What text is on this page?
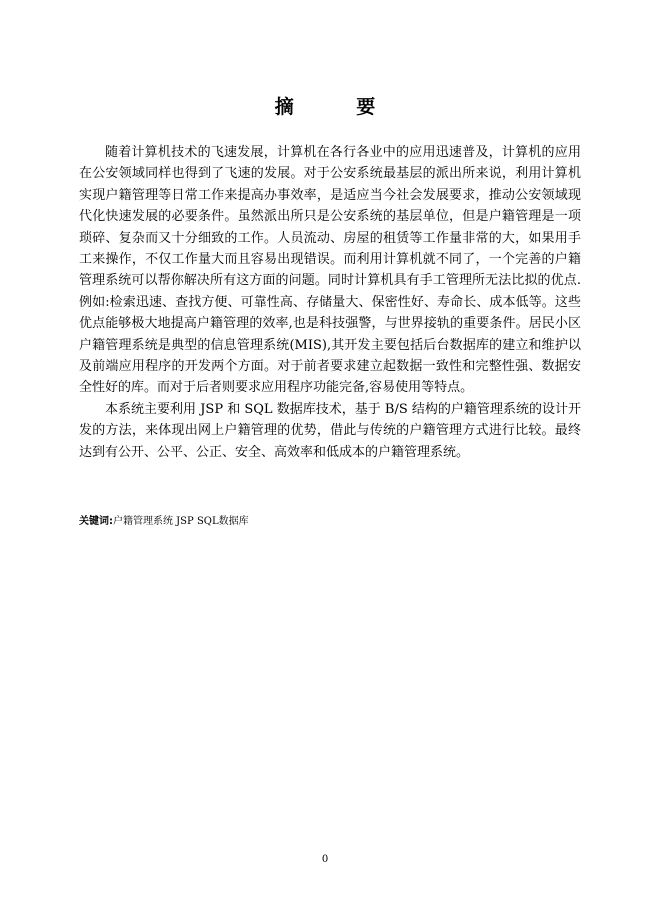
摘 要

随着计算机技术的飞速发展，计算机在各行各业中的应用迅速普及，计算机的应用在公安领域同样也得到了飞速的发展。对于公安系统最基层的派出所来说，利用计算机实现户籍管理等日常工作来提高办事效率，是适应当今社会发展要求，推动公安领域现代化快速发展的必要条件。虽然派出所只是公安系统的基层单位，但是户籍管理是一项琐碎、复杂而又十分细致的工作。人员流动、房屋的租赁等工作量非常的大，如果用手工来操作，不仅工作量大而且容易出现错误。而利用计算机就不同了，一个完善的户籍管理系统可以帮你解决所有这方面的问题。同时计算机具有手工管理所无法比拟的优点.例如:检索迅速、查找方便、可靠性高、存储量大、保密性好、寿命长、成本低等。这些优点能够极大地提高户籍管理的效率,也是科技强警，与世界接轨的重要条件。居民小区户籍管理系统是典型的信息管理系统(MIS),其开发主要包括后台数据库的建立和维护以及前端应用程序的开发两个方面。对于前者要求建立起数据一致性和完整性强、数据安全性好的库。而对于后者则要求应用程序功能完备,容易使用等特点。

本系统主要利用 JSP 和 SQL 数据库技术，基于 B/S 结构的户籍管理系统的设计开发的方法，来体现出网上户籍管理的优势，借此与传统的户籍管理方式进行比较。最终达到有公开、公平、公正、安全、高效率和低成本的户籍管理系统。

关键词:户籍管理系统 JSP SQL数据库
0
